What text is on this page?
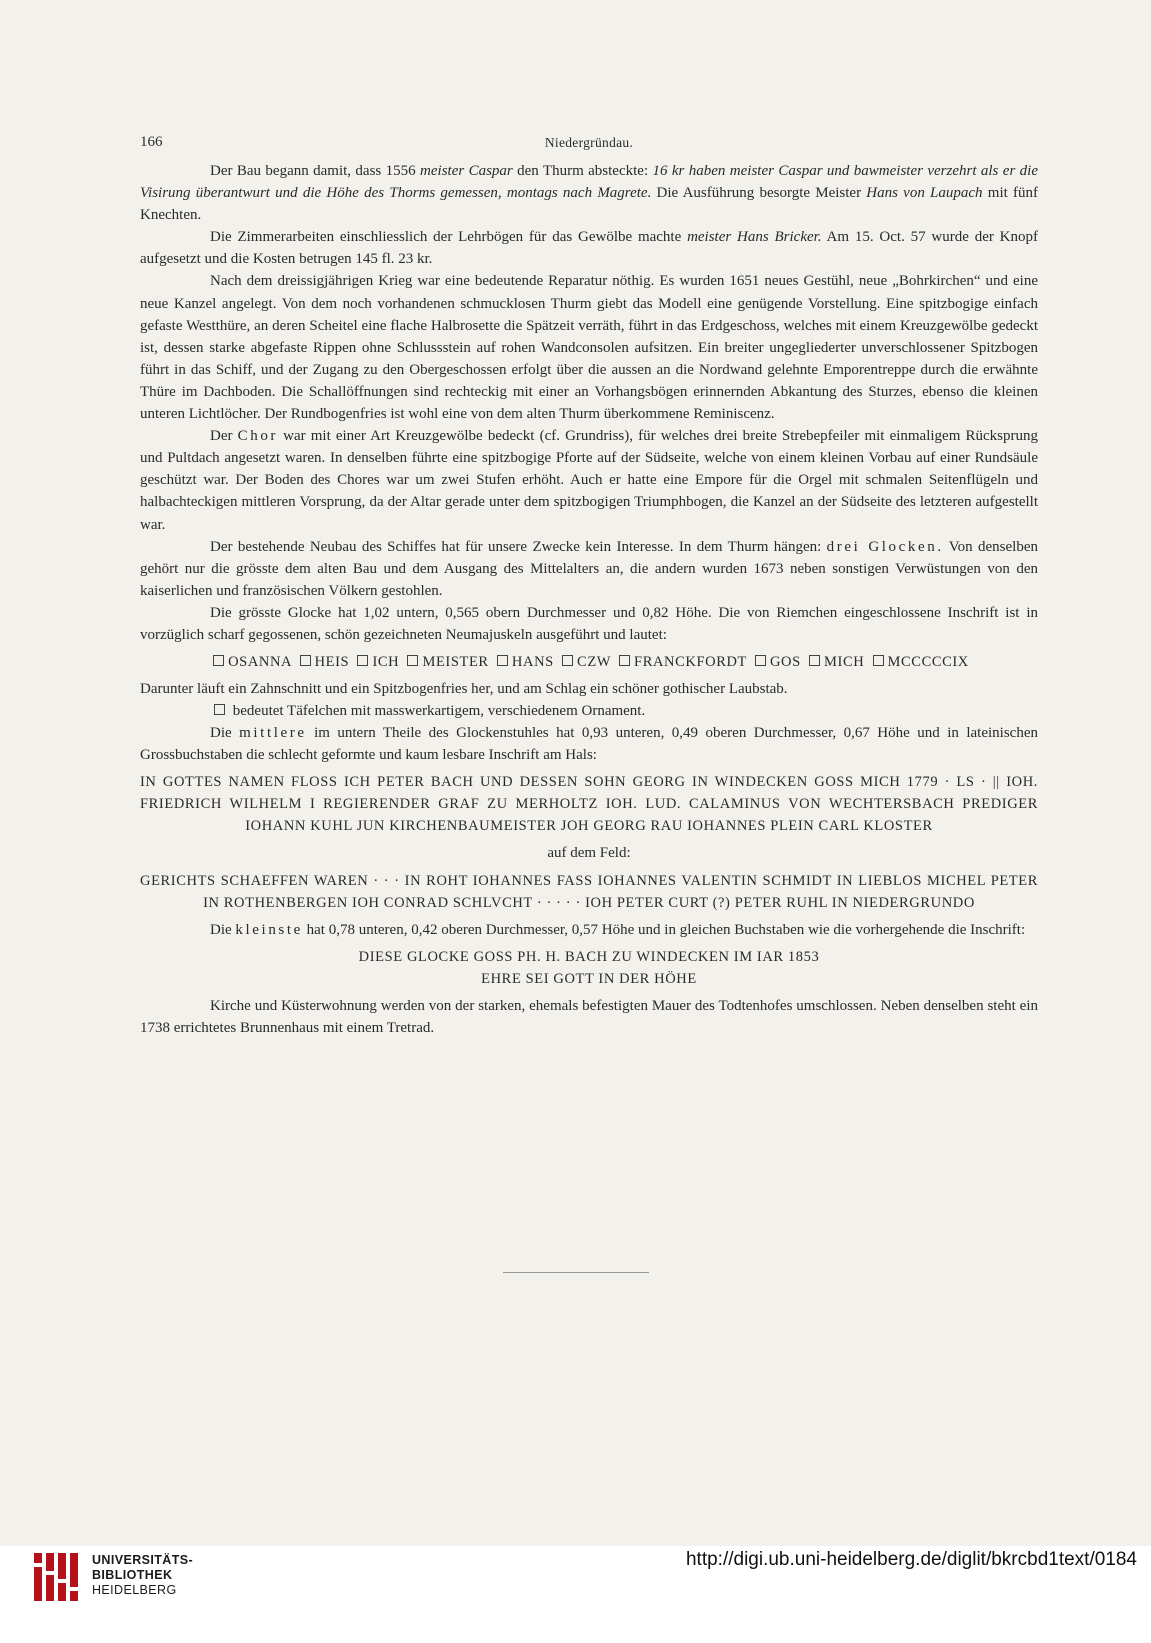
166	Niedergründau.

Der Bau begann damit, dass 1556 meister Caspar den Thurm absteckte: 16 kr haben meister Caspar und bawmeister verzehrt als er die Visirung überantwurt und die Höhe des Thorms gemessen, montags nach Magrete. Die Ausführung besorgte Meister Hans von Laupach mit fünf Knechten.

Die Zimmerarbeiten einschliesslich der Lehrbögen für das Gewölbe machte meister Hans Bricker. Am 15. Oct. 57 wurde der Knopf aufgesetzt und die Kosten betrugen 145 fl. 23 kr.

Nach dem dreissigjährigen Krieg war eine bedeutende Reparatur nöthig. Es wurden 1651 neues Gestühl, neue „Bohrkirchen“ und eine neue Kanzel angelegt. Von dem noch vorhandenen schmucklosen Thurm giebt das Modell eine genügende Vorstellung. Eine spitzbogige einfach gefaste Westthüre, an deren Scheitel eine flache Halbrosette die Spätzeit verräth, führt in das Erdgeschoss, welches mit einem Kreuzgewölbe gedeckt ist, dessen starke abgefaste Rippen ohne Schlussstein auf rohen Wandconsolen aufsitzen. Ein breiter ungegliederter unverschlossener Spitzbogen führt in das Schiff, und der Zugang zu den Obergeschossen erfolgt über die aussen an die Nordwand gelehnte Emporentreppe durch die erwähnte Thüre im Dachboden. Die Schallöffnungen sind rechteckig mit einer an Vorhangsbögen erinnernden Abkantung des Sturzes, ebenso die kleinen unteren Lichtlöcher. Der Rundbogenfries ist wohl eine von dem alten Thurm überkommene Reminiscenz.

Der Chor war mit einer Art Kreuzgewölbe bedeckt (cf. Grundriss), für welches drei breite Strebepfeiler mit einmaligem Rücksprung und Pultdach angesetzt waren. In denselben führte eine spitzbogige Pforte auf der Südseite, welche von einem kleinen Vorbau auf einer Rundsäule geschützt war. Der Boden des Chores war um zwei Stufen erhöht. Auch er hatte eine Empore für die Orgel mit schmalen Seitenflügeln und halbachteckigen mittleren Vorsprung, da der Altar gerade unter dem spitzbogigen Triumphbogen, die Kanzel an der Südseite des letzteren aufgestellt war.

Der bestehende Neubau des Schiffes hat für unsere Zwecke kein Interesse. In dem Thurm hängen: drei Glocken. Von denselben gehört nur die grösste dem alten Bau und dem Ausgang des Mittelalters an, die andern wurden 1673 neben sonstigen Verwüstungen von den kaiserlichen und französischen Völkern gestohlen.

Die grösste Glocke hat 1,02 untern, 0,565 obern Durchmesser und 0,82 Höhe. Die von Riemchen eingeschlossene Inschrift ist in vorzüglich scharf gegossenen, schön gezeichneten Neumajuskeln ausgeführt und lautet:

OSANNA HEIS ICH MEISTER HANS CZW FRANCKFORDT GOS MICH MCCCCCIX

Darunter läuft ein Zahnschnitt und ein Spitzbogenfries her, und am Schlag ein schöner gothischer Laubstab.

bedeutet Täfelchen mit masswerkartigem, verschiedenem Ornament.

Die mittlere im untern Theile des Glockenstuhles hat 0,93 unteren, 0,49 oberen Durchmesser, 0,67 Höhe und in lateinischen Grossbuchstaben die schlecht geformte und kaum lesbare Inschrift am Hals:

IN GOTTES NAMEN FLOSS ICH PETER BACH UND DESSEN SOHN GEORG IN WINDECKEN GOSS MICH 1779 · LS · || IOH. FRIEDRICH WILHELM I REGIERENDER GRAF ZU MERHOLTZ IOH. LUD. CALAMINUS VON WECHTERSBACH PREDIGER IOHANN KUHL JUN KIRCHENBAUMEISTER JOH GEORG RAU IOHANNES PLEIN CARL KLOSTER

auf dem Feld:

GERICHTS SCHAEFFEN WAREN · · · IN ROHT IOHANNES FASS IOHANNES VALENTIN SCHMIDT IN LIEBLOS MICHEL PETER IN ROTHENBERGEN IOH CONRAD SCHLVCHT · · · · · IOH PETER CURT (?) PETER RUHL IN NIEDERGRUNDO

Die kleinste hat 0,78 unteren, 0,42 oberen Durchmesser, 0,57 Höhe und in gleichen Buchstaben wie die vorhergehende die Inschrift:

DIESE GLOCKE GOSS PH. H. BACH ZU WINDECKEN IM IAR 1853
EHRE SEI GOTT IN DER HÖHE

Kirche und Küsterwohnung werden von der starken, ehemals befestigten Mauer des Todtenhofes umschlossen. Neben denselben steht ein 1738 errichtetes Brunnenhaus mit einem Tretrad.

UNIVERSITÄTS-
BIBLIOTHEK
HEIDELBERG
http://digi.ub.uni-heidelberg.de/diglit/bkrcbd1text/0184
